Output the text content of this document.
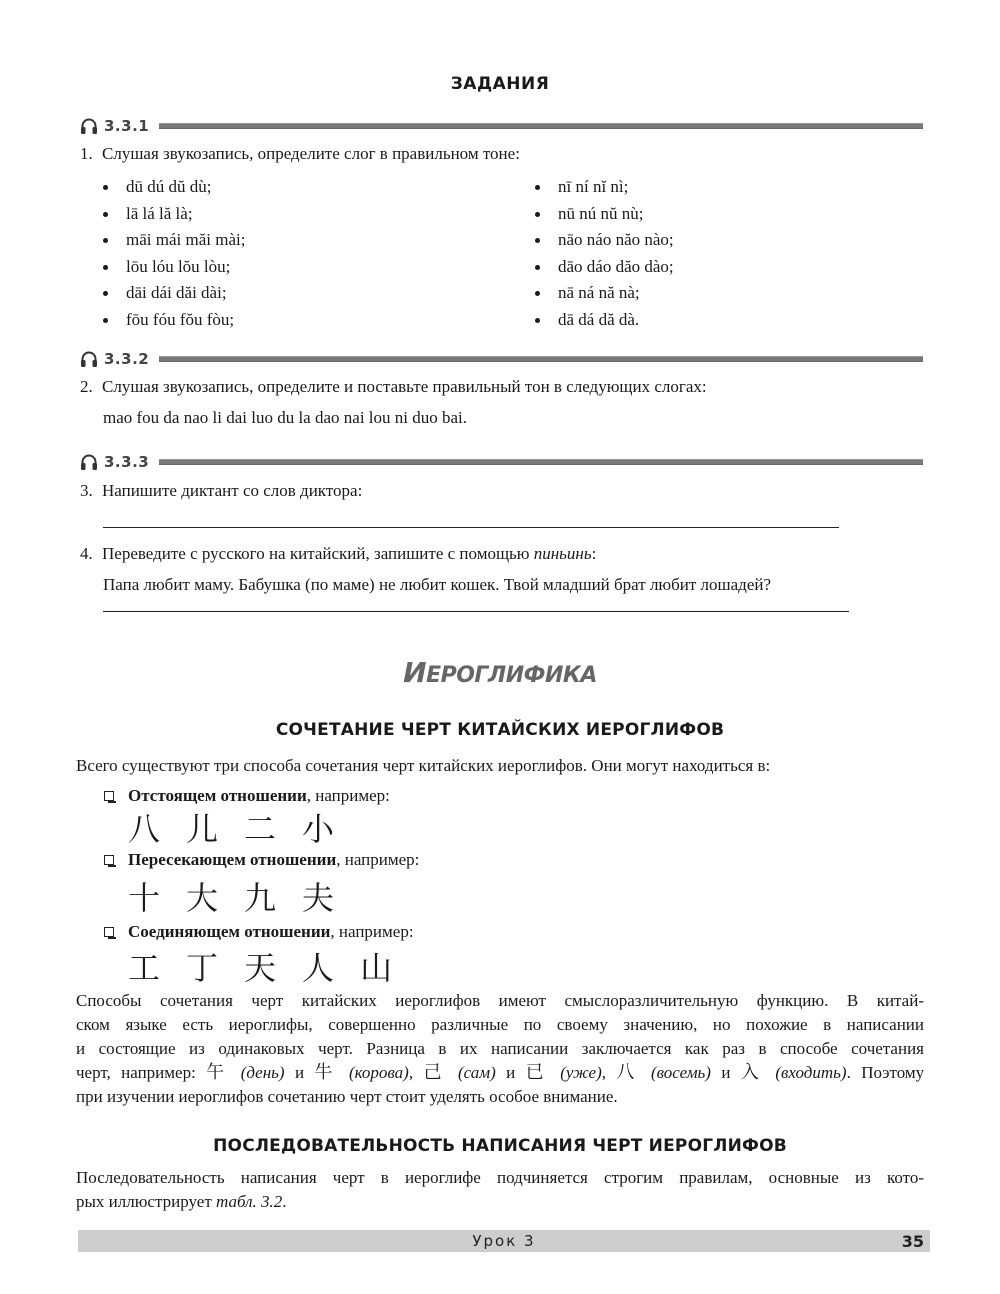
ЗАДАНИЯ
3.3.1
1. Слушая звукозапись, определите слог в правильном тоне:
dū dú dŭ dù;
lā lá lă là;
māi mái măi mài;
lōu lóu lŏu lòu;
dāi dái dăi dài;
fōu fóu fŏu fòu;
nī ní nĭ nì;
nū nú nŭ nù;
nāo náo năo nào;
dāo dáo dăo dào;
nā ná nă nà;
dā dá dă dà.
3.3.2
2. Слушая звукозапись, определите и поставьте правильный тон в следующих слогах:
mao fou da nao li dai luo du la dao nai lou ni duo bai.
3.3.3
3. Напишите диктант со слов диктора:
4. Переведите с русского на китайский, запишите с помощью пиньинь:
Папа любит маму. Бабушка (по маме) не любит кошек. Твой младший брат любит лошадей?
ИЕРОГЛИФИКА
СОЧЕТАНИЕ ЧЕРТ КИТАЙСКИХ ИЕРОГЛИФОВ
Всего существуют три способа сочетания черт китайских иероглифов. Они могут находиться в:
Отстоящем отношении , например:
八 儿 二 小
Пересекающем отношении , например:
十 大 九 夫
Соединяющем отношении , например:
工 丁 天 人 山
Способы сочетания черт китайских иероглифов имеют смыслоразличительную функцию. В китай-
ском языке есть иероглифы, совершенно различные по своему значению, но похожие в написании
и состоящие из одинаковых черт. Разница в их написании заключается как раз в способе сочетания
черт, например: 午 (день) и 牛 (корова), 己 (сам) и 已 (уже), 八 (восемь) и 入 (входить). Поэтому
при изучении иероглифов сочетанию черт стоит уделять особое внимание.
ПОСЛЕДОВАТЕЛЬНОСТЬ НАПИСАНИЯ ЧЕРТ ИЕРОГЛИФОВ
Последовательность написания черт в иероглифе подчиняется строгим правилам, основные из кото-
рых иллюстрирует табл. 3.2.
Урок 3	35
